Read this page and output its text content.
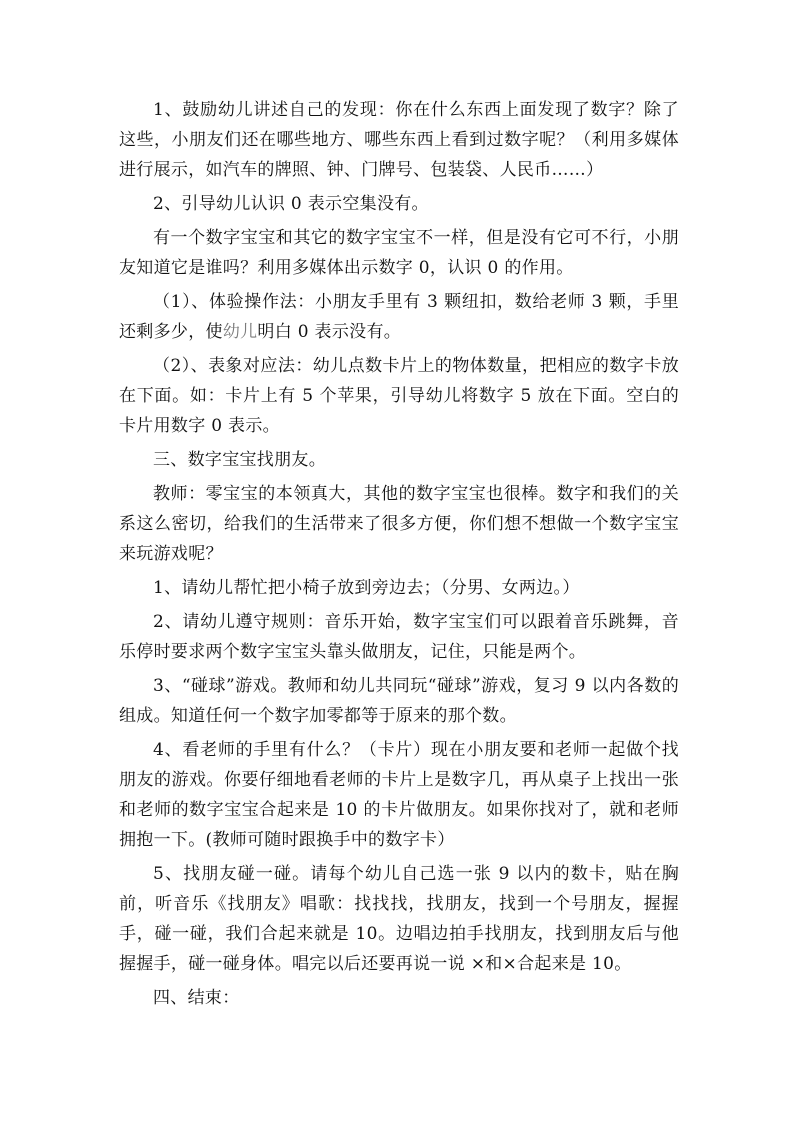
1、鼓励幼儿讲述自己的发现：你在什么东西上面发现了数字？除了这些，小朋友们还在哪些地方、哪些东西上看到过数字呢？（利用多媒体进行展示，如汽车的牌照、钟、门牌号、包装袋、人民币……）

2、引导幼儿认识 0 表示空集没有。

有一个数字宝宝和其它的数字宝宝不一样，但是没有它可不行，小朋友知道它是谁吗？利用多媒体出示数字 0，认识 0 的作用。

（1）、体验操作法：小朋友手里有 3 颗纽扣，数给老师 3 颗，手里还剩多少，使幼儿明白 0 表示没有。

（2）、表象对应法：幼儿点数卡片上的物体数量，把相应的数字卡放在下面。如：卡片上有 5 个苹果，引导幼儿将数字 5 放在下面。空白的卡片用数字 0 表示。

三、数字宝宝找朋友。

教师：零宝宝的本领真大，其他的数字宝宝也很棒。数字和我们的关系这么密切，给我们的生活带来了很多方便，你们想不想做一个数字宝宝来玩游戏呢？

1、请幼儿帮忙把小椅子放到旁边去；（分男、女两边。）

2、请幼儿遵守规则：音乐开始，数字宝宝们可以跟着音乐跳舞，音乐停时要求两个数字宝宝头靠头做朋友，记住，只能是两个。

3、“碰球”游戏。教师和幼儿共同玩“碰球”游戏，复习 9 以内各数的组成。知道任何一个数字加零都等于原来的那个数。

4、看老师的手里有什么？（卡片）现在小朋友要和老师一起做个找朋友的游戏。你要仔细地看老师的卡片上是数字几，再从桌子上找出一张和老师的数字宝宝合起来是 10 的卡片做朋友。如果你找对了，就和老师拥抱一下。(教师可随时跟换手中的数字卡）

5、找朋友碰一碰。请每个幼儿自己选一张 9 以内的数卡，贴在胸前，听音乐《找朋友》唱歌：找找找，找朋友，找到一个号朋友，握握手，碰一碰，我们合起来就是 10。边唱边拍手找朋友，找到朋友后与他握握手，碰一碰身体。唱完以后还要再说一说 ×和×合起来是 10。

四、结束：
